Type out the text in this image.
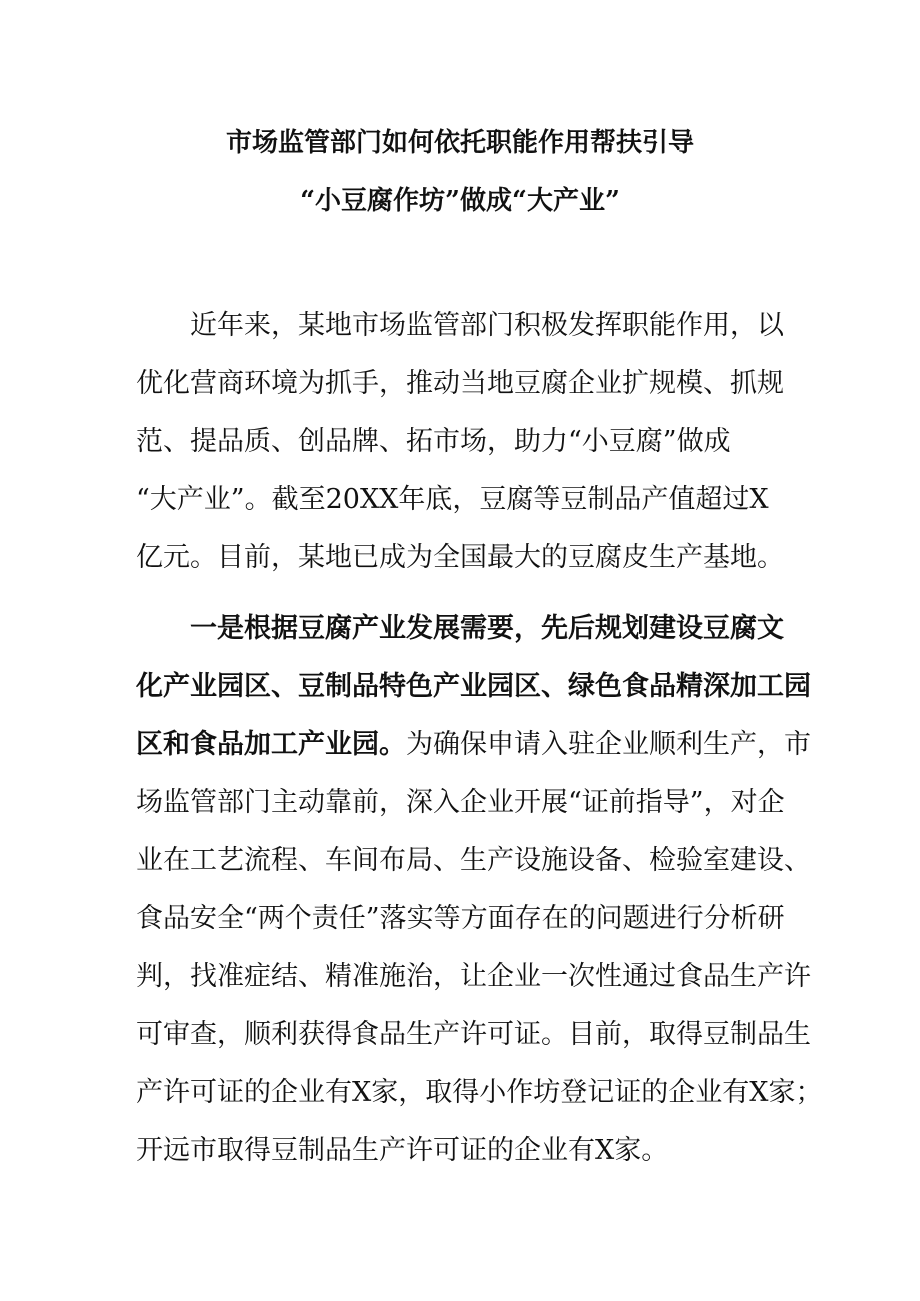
市场监管部门如何依托职能作用帮扶引导
“小豆腐作坊”做成“大产业”
近年来，某地市场监管部门积极发挥职能作用，以
优化营商环境为抓手，推动当地豆腐企业扩规模、抓规
范、提品质、创品牌、拓市场，助力“小豆腐”做成
“大产业”。截至20XX年底，豆腐等豆制品产值超过X
亿元。目前，某地已成为全国最大的豆腐皮生产基地。
一是根据豆腐产业发展需要，先后规划建设豆腐文
化产业园区、豆制品特色产业园区、绿色食品精深加工园
区和食品加工产业园。为确保申请入驻企业顺利生产，市
场监管部门主动靠前，深入企业开展“证前指导”，对企
业在工艺流程、车间布局、生产设施设备、检验室建设、
食品安全“两个责任”落实等方面存在的问题进行分析研
判，找准症结、精准施治，让企业一次性通过食品生产许
可审查，顺利获得食品生产许可证。目前，取得豆制品生
产许可证的企业有X家，取得小作坊登记证的企业有X家；
开远市取得豆制品生产许可证的企业有X家。
